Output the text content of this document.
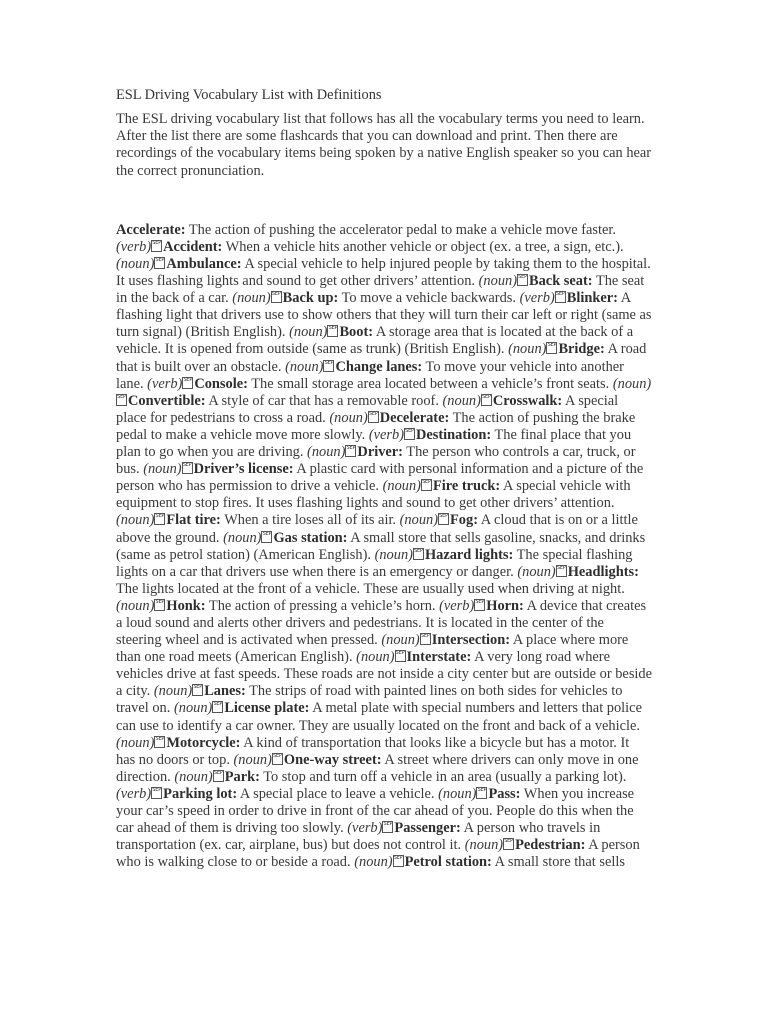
ESL Driving Vocabulary List with Definitions

The ESL driving vocabulary list that follows has all the vocabulary terms you need to learn. After the list there are some flashcards that you can download and print. Then there are recordings of the vocabulary items being spoken by a native English speaker so you can hear the correct pronunciation.

Accelerate: The action of pushing the accelerator pedal to make a vehicle move faster. (verb)SEP Accident: When a vehicle hits another vehicle or object (ex. a tree, a sign, etc.). (noun)SEP Ambulance: A special vehicle to help injured people by taking them to the hospital. It uses flashing lights and sound to get other drivers’ attention. (noun)SEP Back seat: The seat in the back of a car. (noun)SEP Back up: To move a vehicle backwards. (verb)SEP Blinker: A flashing light that drivers use to show others that they will turn their car left or right (same as turn signal) (British English). (noun)SEP Boot: A storage area that is located at the back of a vehicle. It is opened from outside (same as trunk) (British English). (noun)SEP Bridge: A road that is built over an obstacle. (noun)SEP Change lanes: To move your vehicle into another lane. (verb)SEP Console: The small storage area located between a vehicle’s front seats. (noun)SEP Convertible: A style of car that has a removable roof. (noun)SEP Crosswalk: A special place for pedestrians to cross a road. (noun)SEP Decelerate: The action of pushing the brake pedal to make a vehicle move more slowly. (verb)SEP Destination: The final place that you plan to go when you are driving. (noun)SEP Driver: The person who controls a car, truck, or bus. (noun)SEP Driver’s license: A plastic card with personal information and a picture of the person who has permission to drive a vehicle. (noun)SEP Fire truck: A special vehicle with equipment to stop fires. It uses flashing lights and sound to get other drivers’ attention. (noun)SEP Flat tire: When a tire loses all of its air. (noun)SEP Fog: A cloud that is on or a little above the ground. (noun)SEP Gas station: A small store that sells gasoline, snacks, and drinks (same as petrol station) (American English). (noun)SEP Hazard lights: The special flashing lights on a car that drivers use when there is an emergency or danger. (noun)SEP Headlights: The lights located at the front of a vehicle. These are usually used when driving at night. (noun)SEP Honk: The action of pressing a vehicle’s horn. (verb)SEP Horn: A device that creates a loud sound and alerts other drivers and pedestrians. It is located in the center of the steering wheel and is activated when pressed. (noun)SEP Intersection: A place where more than one road meets (American English). (noun)SEP Interstate: A very long road where vehicles drive at fast speeds. These roads are not inside a city center but are outside or beside a city. (noun)SEP Lanes: The strips of road with painted lines on both sides for vehicles to travel on. (noun)SEP License plate: A metal plate with special numbers and letters that police can use to identify a car owner. They are usually located on the front and back of a vehicle. (noun)SEP Motorcycle: A kind of transportation that looks like a bicycle but has a motor. It has no doors or top. (noun)SEP One-way street: A street where drivers can only move in one direction. (noun)SEP Park: To stop and turn off a vehicle in an area (usually a parking lot). (verb)SEP Parking lot: A special place to leave a vehicle. (noun)SEP Pass: When you increase your car’s speed in order to drive in front of the car ahead of you. People do this when the car ahead of them is driving too slowly. (verb)SEP Passenger: A person who travels in transportation (ex. car, airplane, bus) but does not control it. (noun)SEP Pedestrian: A person who is walking close to or beside a road. (noun)SEP Petrol station: A small store that sells
